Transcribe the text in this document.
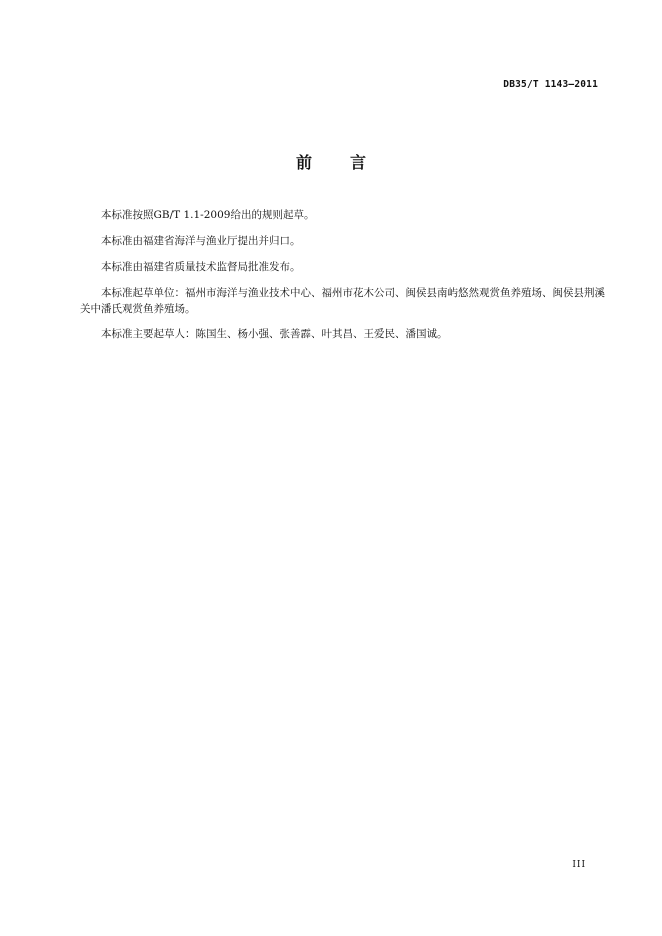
DB35/T 1143—2011
前 言

本标准按照GB/T 1.1-2009给出的规则起草。

本标准由福建省海洋与渔业厅提出并归口。

本标准由福建省质量技术监督局批准发布。

本标准起草单位：福州市海洋与渔业技术中心、福州市花木公司、闽侯县南屿悠然观赏鱼养殖场、闽侯县荆溪关中潘氏观赏鱼养殖场。

本标准主要起草人：陈国生、杨小强、张善霹、叶其昌、王爱民、潘国诚。

III
